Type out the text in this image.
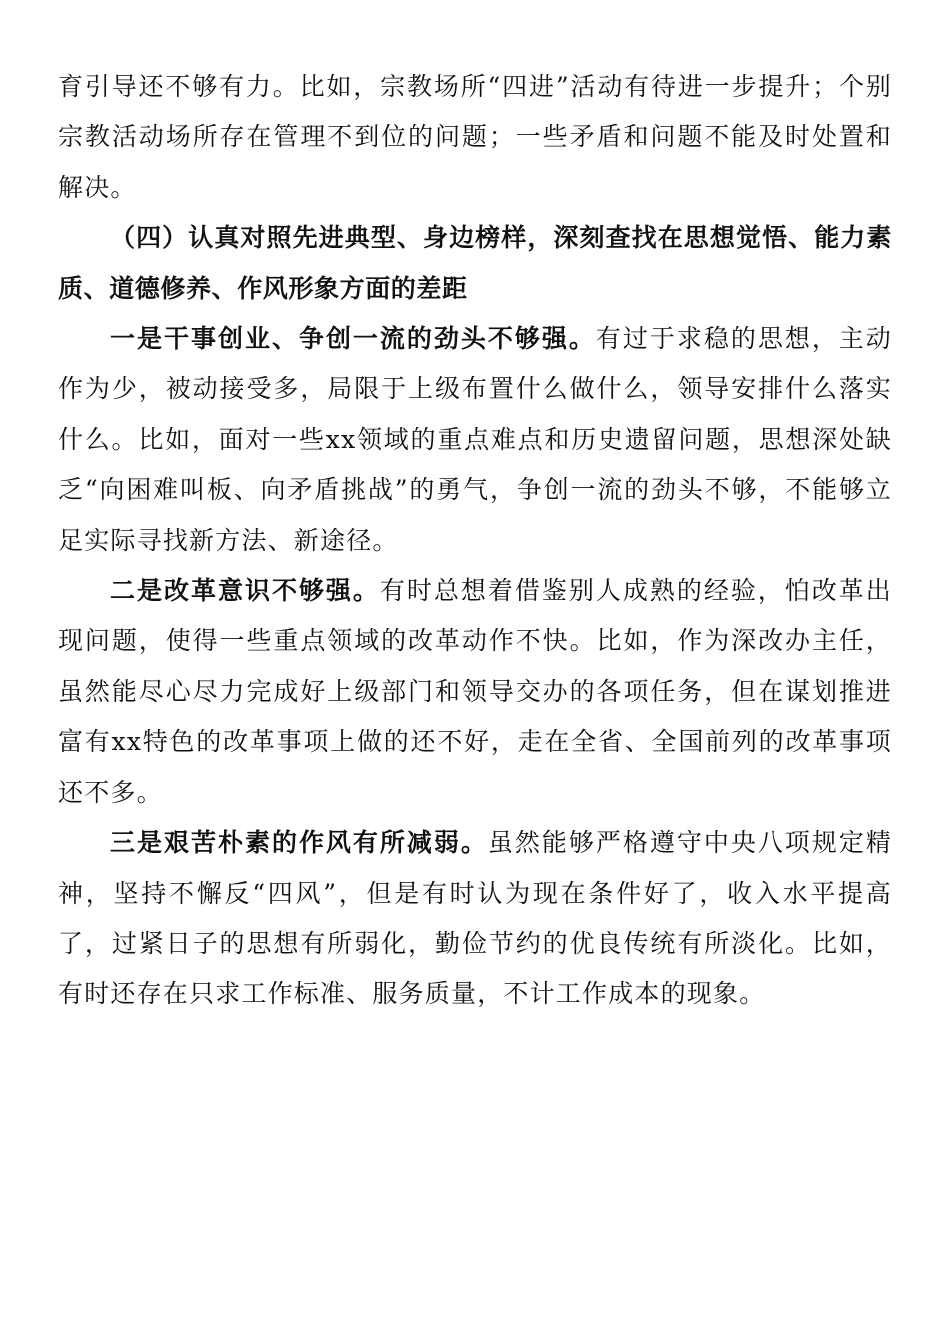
育引导还不够有力。比如，宗教场所“四进”活动有待进一步提升；个别宗教活动场所存在管理不到位的问题；一些矛盾和问题不能及时处置和解决。

（四）认真对照先进典型、身边榜样，深刻查找在思想觉悟、能力素质、道德修养、作风形象方面的差距

一是干事创业、争创一流的劲头不够强。有过于求稳的思想，主动作为少，被动接受多，局限于上级布置什么做什么，领导安排什么落实什么。比如，面对一些xx领域的重点难点和历史遗留问题，思想深处缺乏“向困难叫板、向矛盾挑战”的勇气，争创一流的劲头不够，不能够立足实际寻找新方法、新途径。

二是改革意识不够强。有时总想着借鉴别人成熟的经验，怕改革出现问题，使得一些重点领域的改革动作不快。比如，作为深改办主任，虽然能尽心尽力完成好上级部门和领导交办的各项任务，但在谋划推进富有xx特色的改革事项上做的还不好，走在全省、全国前列的改革事项还不多。

三是艰苦朴素的作风有所减弱。虽然能够严格遵守中央八项规定精神，坚持不懈反“四风”，但是有时认为现在条件好了，收入水平提高了，过紧日子的思想有所弱化，勤俭节约的优良传统有所淡化。比如，有时还存在只求工作标准、服务质量，不计工作成本的现象。
